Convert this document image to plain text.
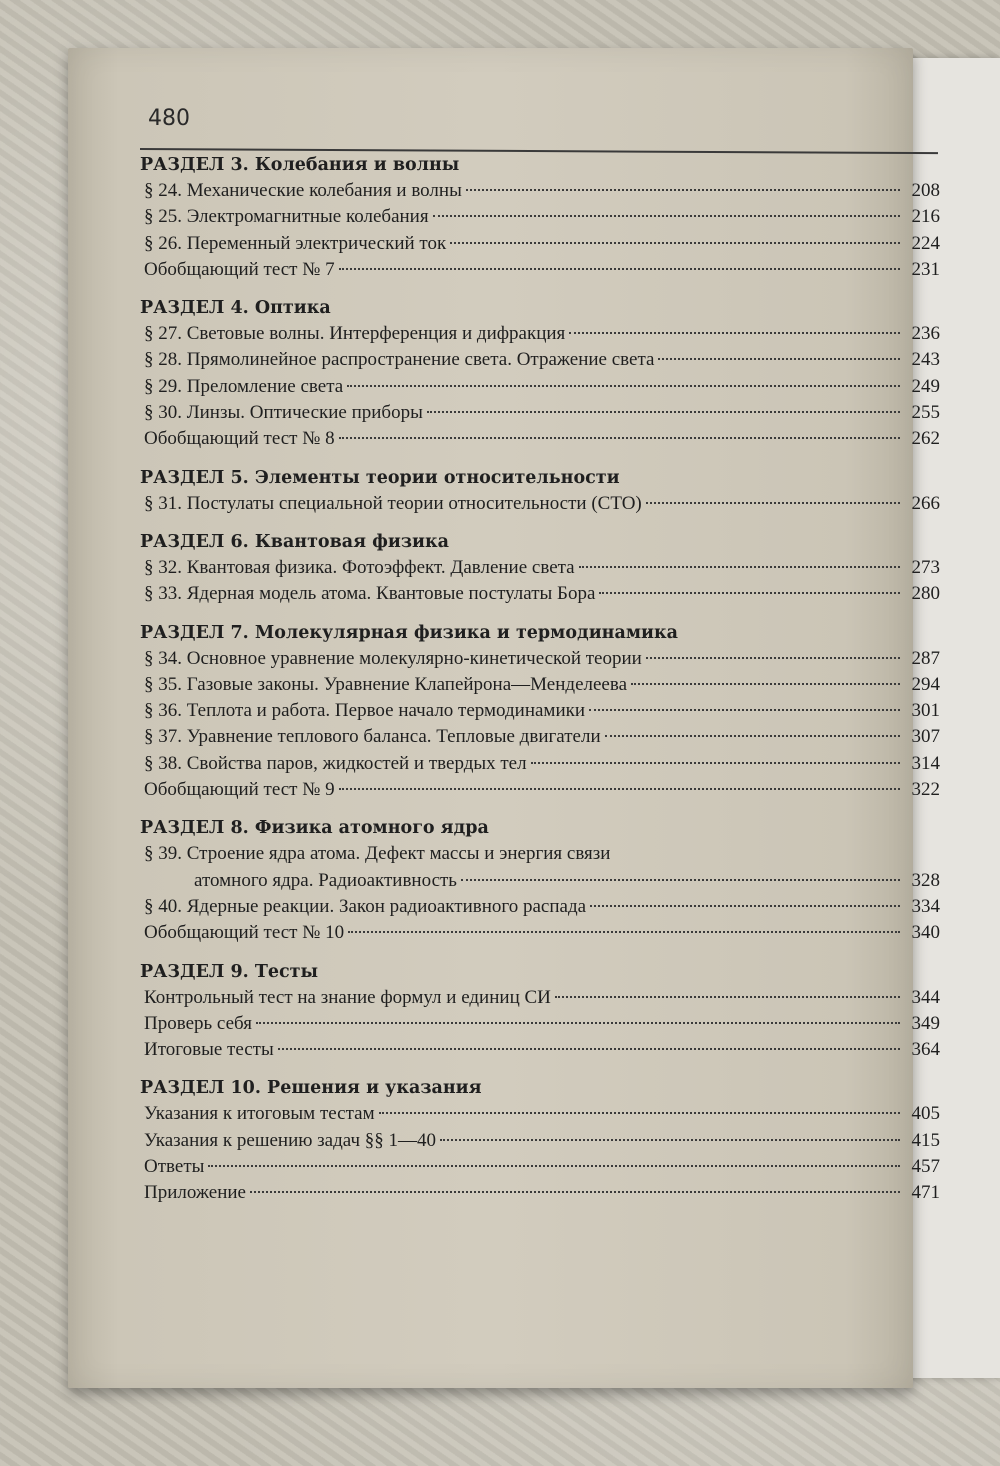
480
РАЗДЕЛ 3. Колебания и волны
§ 24. Механические колебания и волны	208
§ 25. Электромагнитные колебания	216
§ 26. Переменный электрический ток	224
Обобщающий тест № 7	231
РАЗДЕЛ 4. Оптика
§ 27. Световые волны. Интерференция и дифракция	236
§ 28. Прямолинейное распространение света. Отражение света	243
§ 29. Преломление света	249
§ 30. Линзы. Оптические приборы	255
Обобщающий тест № 8	262
РАЗДЕЛ 5. Элементы теории относительности
§ 31. Постулаты специальной теории относительности (СТО)	266
РАЗДЕЛ 6. Квантовая физика
§ 32. Квантовая физика. Фотоэффект. Давление света	273
§ 33. Ядерная модель атома. Квантовые постулаты Бора	280
РАЗДЕЛ 7. Молекулярная физика и термодинамика
§ 34. Основное уравнение молекулярно-кинетической теории	287
§ 35. Газовые законы. Уравнение Клапейрона—Менделеева	294
§ 36. Теплота и работа. Первое начало термодинамики	301
§ 37. Уравнение теплового баланса. Тепловые двигатели	307
§ 38. Свойства паров, жидкостей и твердых тел	314
Обобщающий тест № 9	322
РАЗДЕЛ 8. Физика атомного ядра
§ 39. Строение ядра атома. Дефект массы и энергия связи
атомного ядра. Радиоактивность	328
§ 40. Ядерные реакции. Закон радиоактивного распада	334
Обобщающий тест № 10	340
РАЗДЕЛ 9. Тесты
Контрольный тест на знание формул и единиц СИ	344
Проверь себя	349
Итоговые тесты	364
РАЗДЕЛ 10. Решения и указания
Указания к итоговым тестам	405
Указания к решению задач §§ 1—40	415
Ответы	457
Приложение	471
